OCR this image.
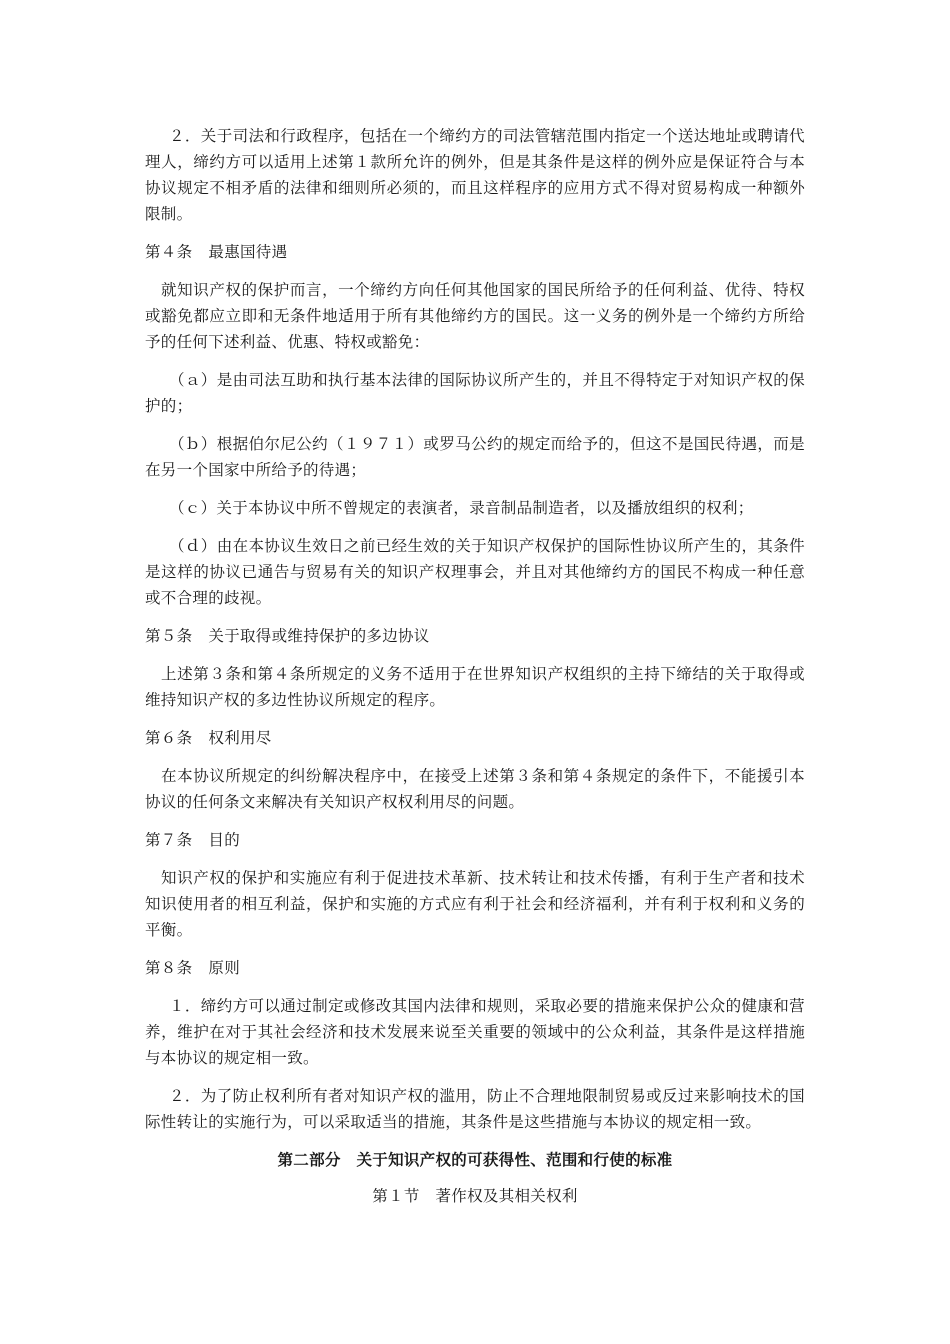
２．关于司法和行政程序，包括在一个缔约方的司法管辖范围内指定一个送达地址或聘请代理人，缔约方可以适用上述第１款所允许的例外，但是其条件是这样的例外应是保证符合与本协议规定不相矛盾的法律和细则所必须的，而且这样程序的应用方式不得对贸易构成一种额外限制。

第４条 最惠国待遇

就知识产权的保护而言，一个缔约方向任何其他国家的国民所给予的任何利益、优待、特权或豁免都应立即和无条件地适用于所有其他缔约方的国民。这一义务的例外是一个缔约方所给予的任何下述利益、优惠、特权或豁免：

（ａ）是由司法互助和执行基本法律的国际协议所产生的，并且不得特定于对知识产权的保护的；

（ｂ）根据伯尔尼公约（１９７１）或罗马公约的规定而给予的，但这不是国民待遇，而是在另一个国家中所给予的待遇；

（ｃ）关于本协议中所不曾规定的表演者，录音制品制造者，以及播放组织的权利；

（ｄ）由在本协议生效日之前已经生效的关于知识产权保护的国际性协议所产生的，其条件是这样的协议已通告与贸易有关的知识产权理事会，并且对其他缔约方的国民不构成一种任意或不合理的歧视。

第５条 关于取得或维持保护的多边协议

上述第３条和第４条所规定的义务不适用于在世界知识产权组织的主持下缔结的关于取得或维持知识产权的多边性协议所规定的程序。

第６条 权利用尽

在本协议所规定的纠纷解决程序中，在接受上述第３条和第４条规定的条件下，不能援引本协议的任何条文来解决有关知识产权权利用尽的问题。

第７条 目的

知识产权的保护和实施应有利于促进技术革新、技术转让和技术传播，有利于生产者和技术知识使用者的相互利益，保护和实施的方式应有利于社会和经济福利，并有利于权利和义务的平衡。

第８条 原则

１．缔约方可以通过制定或修改其国内法律和规则，采取必要的措施来保护公众的健康和营养，维护在对于其社会经济和技术发展来说至关重要的领域中的公众利益，其条件是这样措施与本协议的规定相一致。

２．为了防止权利所有者对知识产权的滥用，防止不合理地限制贸易或反过来影响技术的国际性转让的实施行为，可以采取适当的措施，其条件是这些措施与本协议的规定相一致。

第二部分　关于知识产权的可获得性、范围和行使的标准
第１节　著作权及其相关权利
